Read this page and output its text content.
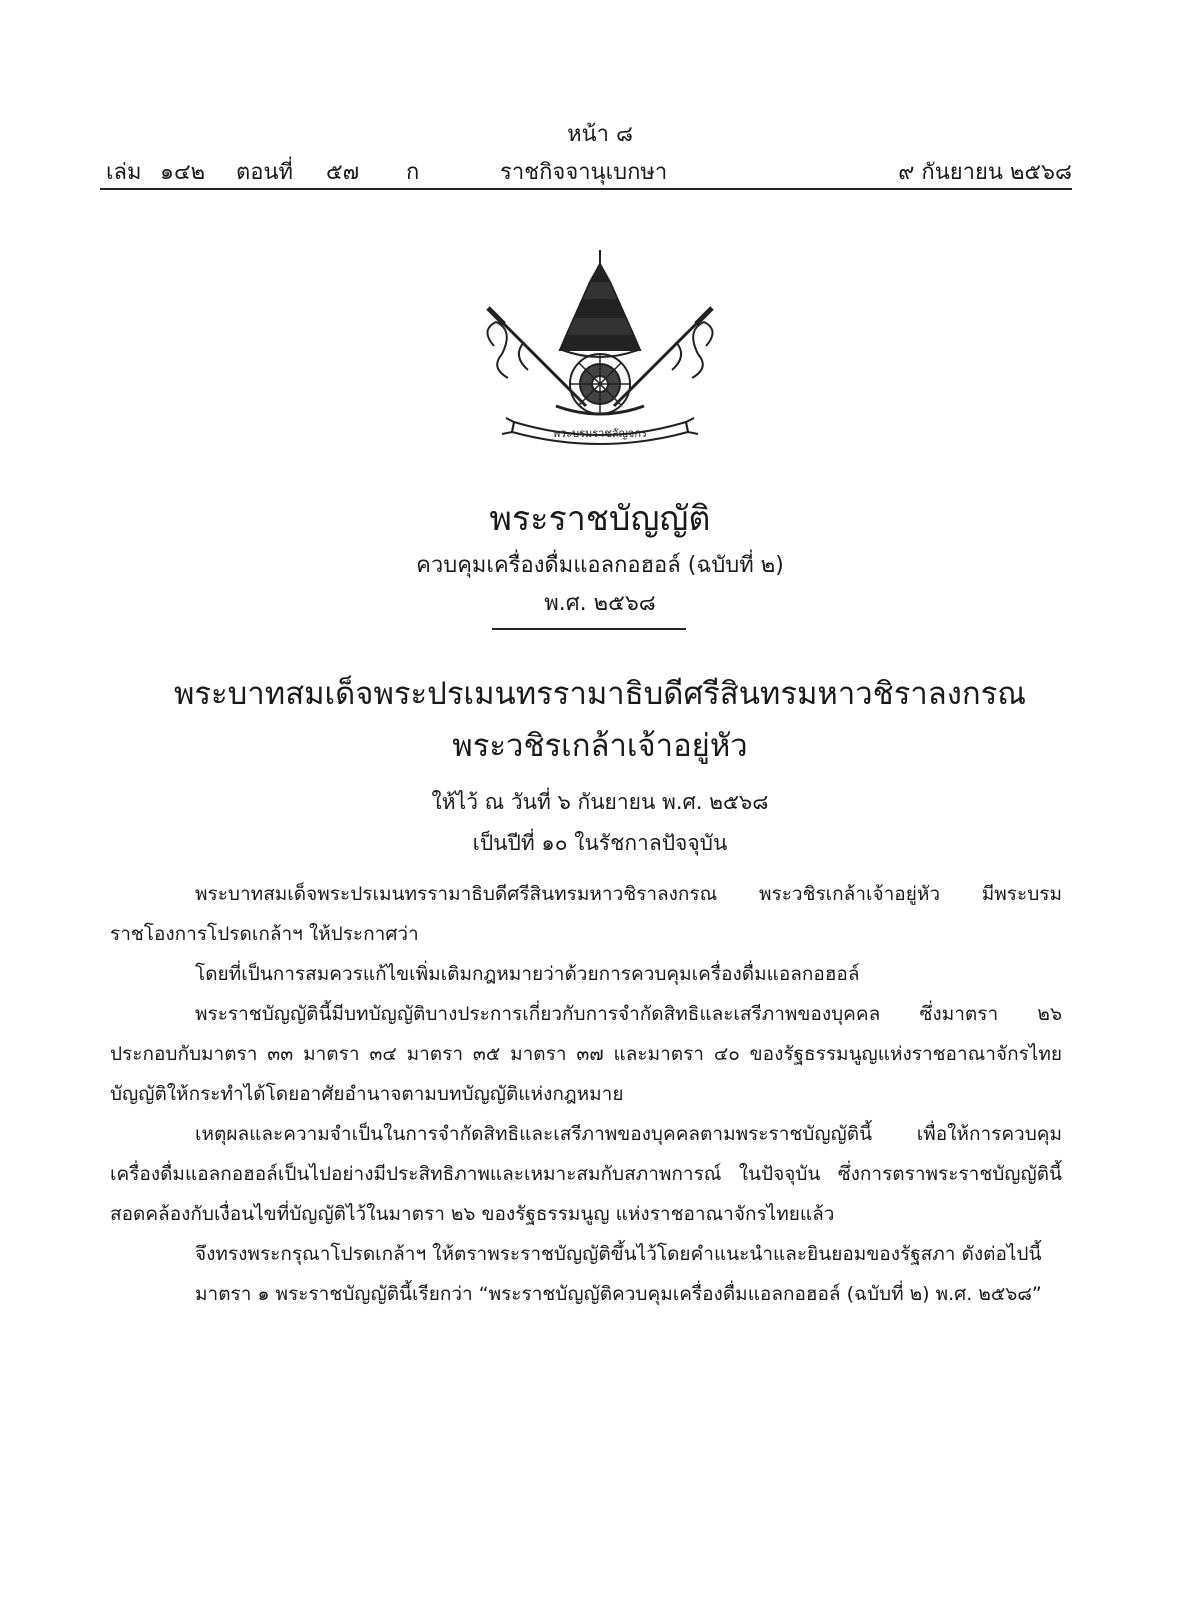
หน้า ๘
เล่ม ๑๔๒ ตอนที่ ๕๗ ก	ราชกิจจานุเบกษา	๙ กันยายน ๒๕๖๘
พระบรมราชลัญจกร
พระราชบัญญัติ
ควบคุมเครื่องดื่มแอลกอฮอล์ (ฉบับที่ ๒)
พ.ศ. ๒๕๖๘
พระบาทสมเด็จพระปรเมนทรรามาธิบดีศรีสินทรมหาวชิราลงกรณ
พระวชิรเกล้าเจ้าอยู่หัว
ให้ไว้ ณ วันที่ ๖ กันยายน พ.ศ. ๒๕๖๘
เป็นปีที่ ๑๐ ในรัชกาลปัจจุบัน

พระบาทสมเด็จพระปรเมนทรรามาธิบดีศรีสินทรมหาวชิราลงกรณ พระวชิรเกล้าเจ้าอยู่หัว มีพระบรมราชโองการโปรดเกล้าฯ ให้ประกาศว่า

โดยที่เป็นการสมควรแก้ไขเพิ่มเติมกฎหมายว่าด้วยการควบคุมเครื่องดื่มแอลกอฮอล์

พระราชบัญญัตินี้มีบทบัญญัติบางประการเกี่ยวกับการจำกัดสิทธิและเสรีภาพของบุคคล ซึ่งมาตรา ๒๖ ประกอบกับมาตรา ๓๓ มาตรา ๓๔ มาตรา ๓๕ มาตรา ๓๗ และมาตรา ๔๐ ของรัฐธรรมนูญแห่งราชอาณาจักรไทย บัญญัติให้กระทำได้โดยอาศัยอำนาจตามบทบัญญัติแห่งกฎหมาย

เหตุผลและความจำเป็นในการจำกัดสิทธิและเสรีภาพของบุคคลตามพระราชบัญญัตินี้ เพื่อให้การควบคุมเครื่องดื่มแอลกอฮอล์เป็นไปอย่างมีประสิทธิภาพและเหมาะสมกับสภาพการณ์ ในปัจจุบัน ซึ่งการตราพระราชบัญญัตินี้สอดคล้องกับเงื่อนไขที่บัญญัติไว้ในมาตรา ๒๖ ของรัฐธรรมนูญ แห่งราชอาณาจักรไทยแล้ว

จึงทรงพระกรุณาโปรดเกล้าฯ ให้ตราพระราชบัญญัติขึ้นไว้โดยคำแนะนำและยินยอมของรัฐสภา ดังต่อไปนี้

มาตรา ๑ พระราชบัญญัตินี้เรียกว่า “พระราชบัญญัติควบคุมเครื่องดื่มแอลกอฮอล์ (ฉบับที่ ๒) พ.ศ. ๒๕๖๘”
